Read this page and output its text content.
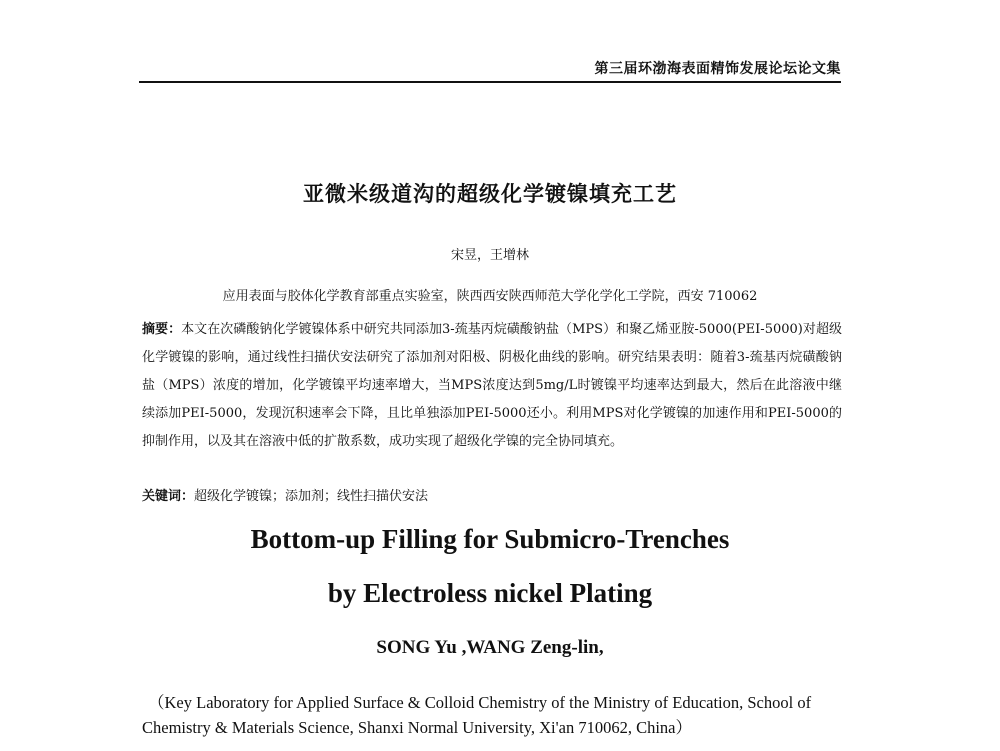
第三届环渤海表面精饰发展论坛论文集
亚微米级道沟的超级化学镀镍填充工艺
宋昱，王增林
应用表面与胶体化学教育部重点实验室，陕西西安陕西师范大学化学化工学院，西安 710062
摘要：本文在次磷酸钠化学镀镍体系中研究共同添加3-巯基丙烷磺酸钠盐（MPS）和聚乙烯亚胺-5000(PEI-5000)对超级化学镀镍的影响，通过线性扫描伏安法研究了添加剂对阳极、阴极化曲线的影响。研究结果表明：随着3-巯基丙烷磺酸钠盐（MPS）浓度的增加，化学镀镍平均速率增大，当MPS浓度达到5mg/L时镀镍平均速率达到最大，然后在此溶液中继续添加PEI-5000，发现沉积速率会下降，且比单独添加PEI-5000还小。利用MPS对化学镀镍的加速作用和PEI-5000的抑制作用，以及其在溶液中低的扩散系数，成功实现了超级化学镍的完全协同填充。
关键词：超级化学镀镍；添加剂；线性扫描伏安法
Bottom-up Filling for Submicro-Trenches
by Electroless nickel Plating
SONG Yu ,WANG Zeng-lin,
（Key Laboratory for Applied Surface & Colloid Chemistry of the Ministry of Education, School of Chemistry & Materials Science, Shanxi Normal University, Xi'an 710062, China）
